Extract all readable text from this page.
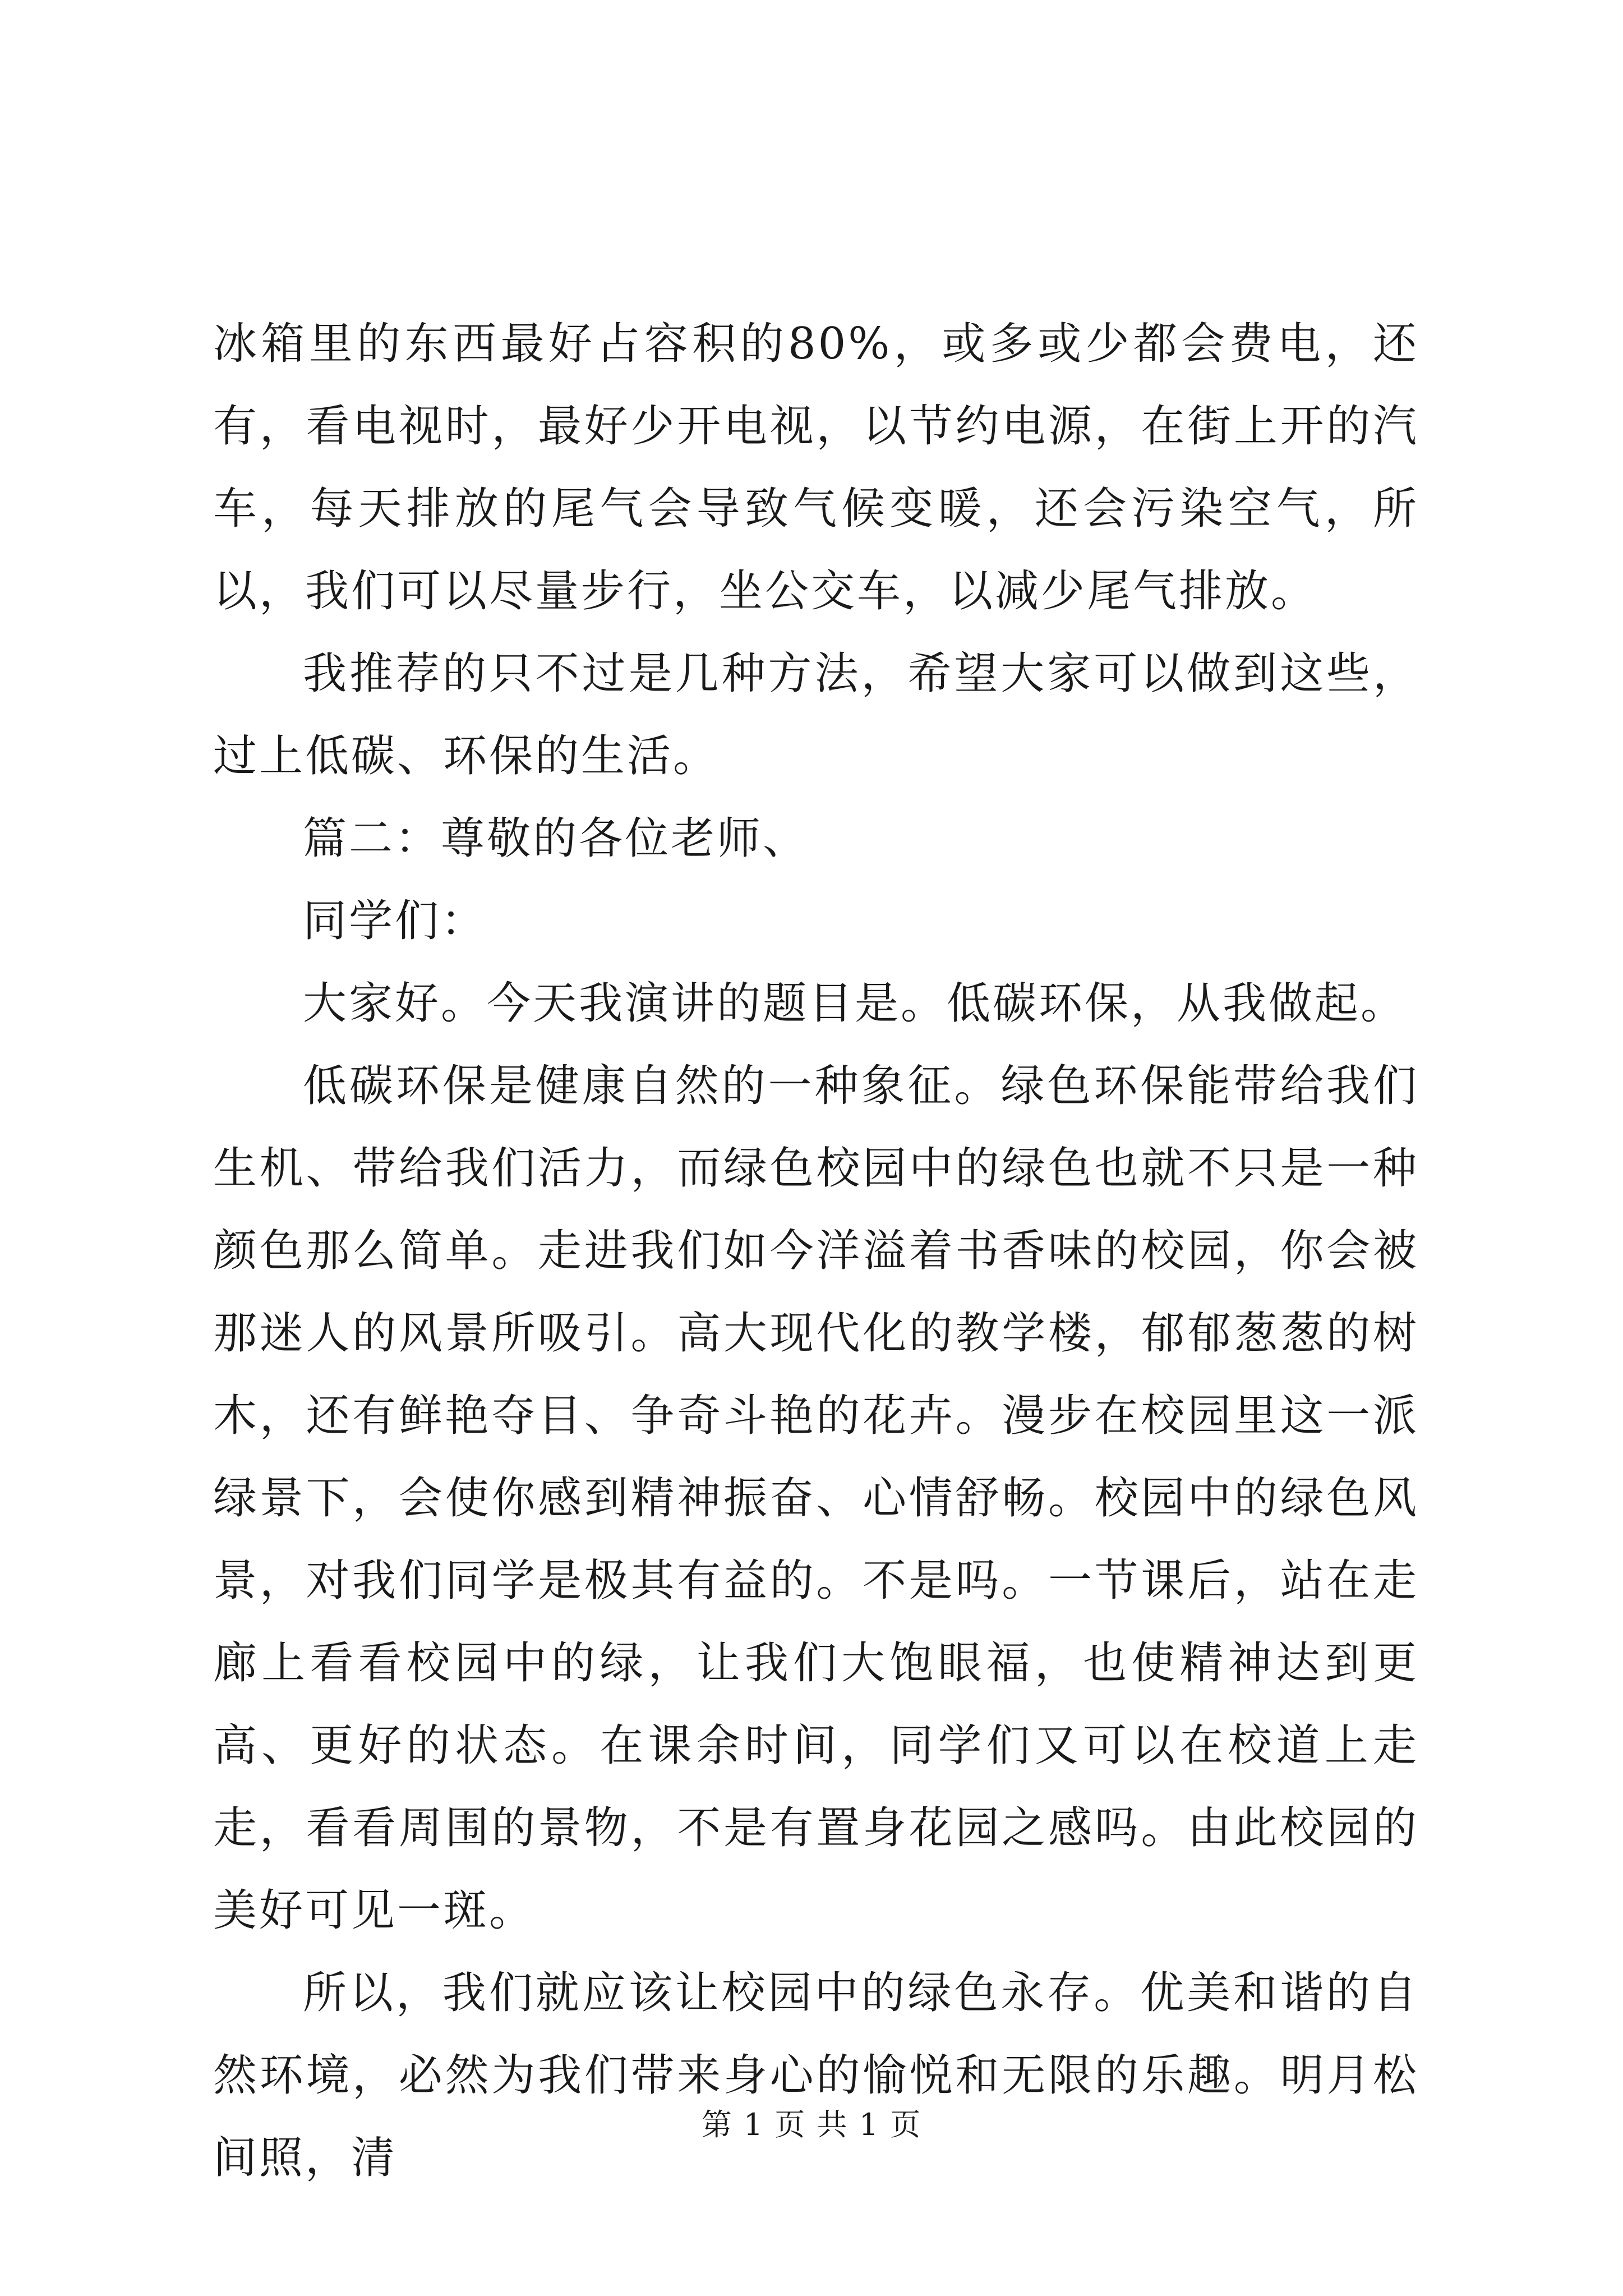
冰箱里的东西最好占容积的80%，或多或少都会费电，还有，看电视时，最好少开电视，以节约电源，在街上开的汽车，每天排放的尾气会导致气候变暖，还会污染空气，所以，我们可以尽量步行，坐公交车，以减少尾气排放。

我推荐的只不过是几种方法，希望大家可以做到这些，过上低碳、环保的生活。

篇二：尊敬的各位老师、

同学们：

大家好。今天我演讲的题目是。低碳环保，从我做起。

低碳环保是健康自然的一种象征。绿色环保能带给我们生机、带给我们活力，而绿色校园中的绿色也就不只是一种颜色那么简单。走进我们如今洋溢着书香味的校园，你会被那迷人的风景所吸引。高大现代化的教学楼，郁郁葱葱的树木，还有鲜艳夺目、争奇斗艳的花卉。漫步在校园里这一派绿景下，会使你感到精神振奋、心情舒畅。校园中的绿色风景，对我们同学是极其有益的。不是吗。一节课后，站在走廊上看看校园中的绿，让我们大饱眼福，也使精神达到更高、更好的状态。在课余时间，同学们又可以在校道上走走，看看周围的景物，不是有置身花园之感吗。由此校园的美好可见一斑。

所以，我们就应该让校园中的绿色永存。优美和谐的自然环境，必然为我们带来身心的愉悦和无限的乐趣。明月松间照，清

第 1 页 共 1 页
